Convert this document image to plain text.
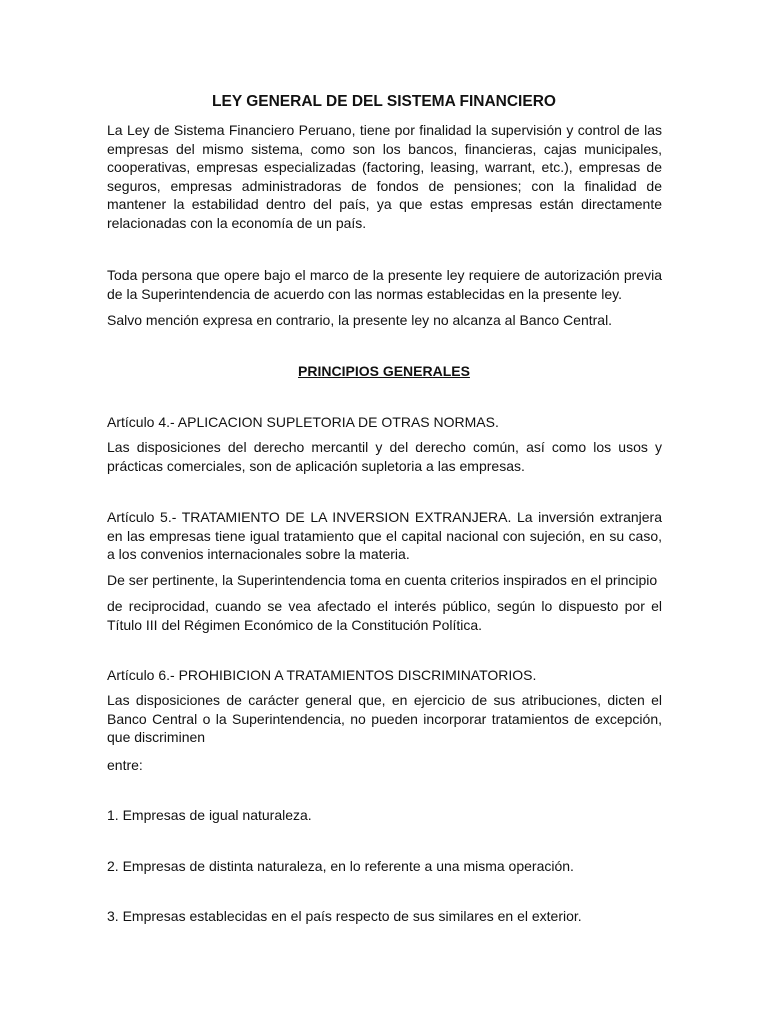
LEY GENERAL DE DEL SISTEMA FINANCIERO
La Ley de Sistema Financiero Peruano, tiene por finalidad la supervisión y control de las empresas del mismo sistema, como son los bancos, financieras, cajas municipales, cooperativas, empresas especializadas (factoring, leasing, warrant, etc.), empresas de seguros, empresas administradoras de fondos de pensiones; con la finalidad de mantener la estabilidad dentro del país, ya que estas empresas están directamente relacionadas con la economía de un país.
Toda persona que opere bajo el marco de la presente ley requiere de autorización previa de la Superintendencia de acuerdo con las normas establecidas en la presente ley.
Salvo mención expresa en contrario, la presente ley no alcanza al Banco Central.
PRINCIPIOS GENERALES
Artículo 4.- APLICACION SUPLETORIA DE OTRAS NORMAS.
Las disposiciones del derecho mercantil y del derecho común, así como los usos y prácticas comerciales, son de aplicación supletoria a las empresas.
Artículo 5.- TRATAMIENTO DE LA INVERSION EXTRANJERA. La inversión extranjera en las empresas tiene igual tratamiento que el capital nacional con sujeción, en su caso, a los convenios internacionales sobre la materia.
De ser pertinente, la Superintendencia toma en cuenta criterios inspirados en el principio
de reciprocidad, cuando se vea afectado el interés público, según lo dispuesto por el Título III del Régimen Económico de la Constitución Política.
Artículo 6.- PROHIBICION A TRATAMIENTOS DISCRIMINATORIOS.
Las disposiciones de carácter general que, en ejercicio de sus atribuciones, dicten el Banco Central o la Superintendencia, no pueden incorporar tratamientos de excepción, que discriminen
entre:
1. Empresas de igual naturaleza.
2. Empresas de distinta naturaleza, en lo referente a una misma operación.
3. Empresas establecidas en el país respecto de sus similares en el exterior.
